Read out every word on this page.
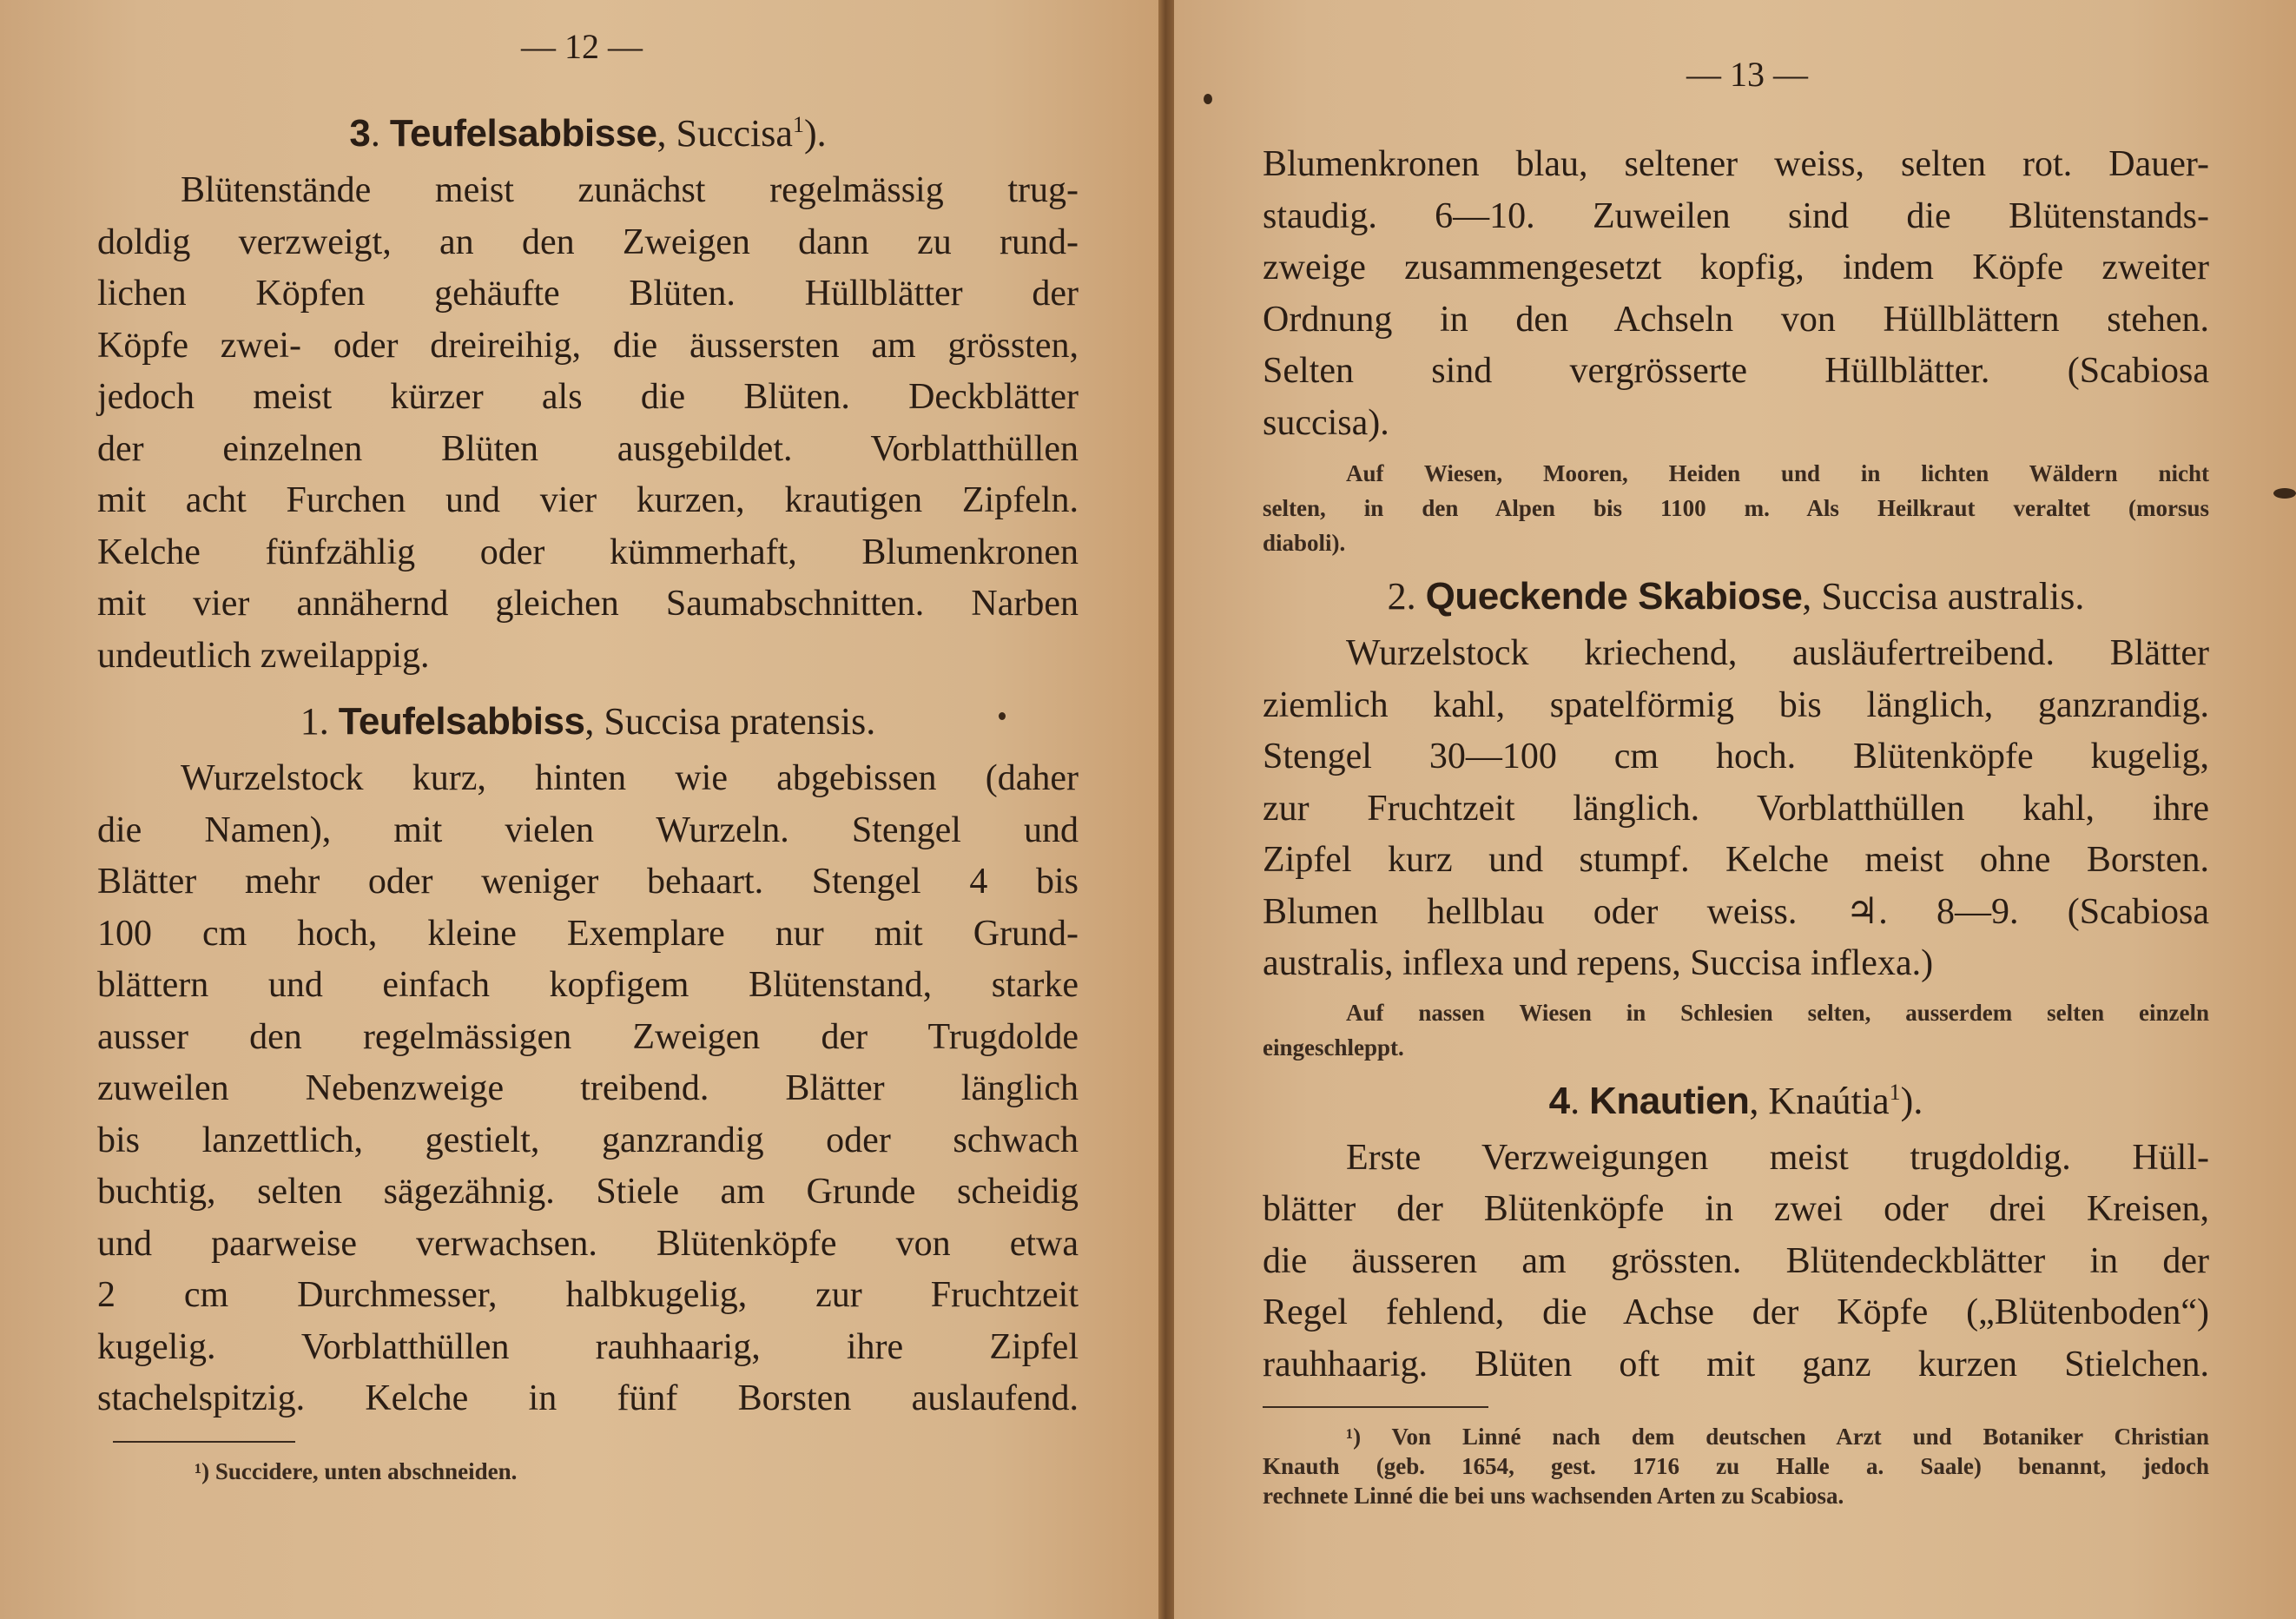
— 12 —
3. Teufelsabbisse, Succisa$^1$).
Blütenstände meist zunächst regelmässig trug-
doldig verzweigt, an den Zweigen dann zu rund-
lichen Köpfen gehäufte Blüten. Hüllblätter der
Köpfe zwei- oder dreireihig, die äussersten am grössten,
jedoch meist kürzer als die Blüten. Deckblätter
der einzelnen Blüten ausgebildet. Vorblatthüllen
mit acht Furchen und vier kurzen, krautigen Zipfeln.
Kelche fünfzählig oder kümmerhaft, Blumenkronen
mit vier annähernd gleichen Saumabschnitten. Narben
undeutlich zweilappig.
1. Teufelsabbiss, Succisa pratensis.
Wurzelstock kurz, hinten wie abgebissen (daher
die Namen), mit vielen Wurzeln. Stengel und
Blätter mehr oder weniger behaart. Stengel 4 bis
100 cm hoch, kleine Exemplare nur mit Grund-
blättern und einfach kopfigem Blütenstand, starke
ausser den regelmässigen Zweigen der Trugdolde
zuweilen Nebenzweige treibend. Blätter länglich
bis lanzettlich, gestielt, ganzrandig oder schwach
buchtig, selten sägezähnig. Stiele am Grunde scheidig
und paarweise verwachsen. Blütenköpfe von etwa
2 cm Durchmesser, halbkugelig, zur Fruchtzeit
kugelig. Vorblatthüllen rauhhaarig, ihre Zipfel
stachelspitzig. Kelche in fünf Borsten auslaufend.
¹) Succidere, unten abschneiden.
— 13 —
Blumenkronen blau, seltener weiss, selten rot. Dauer-
staudig. 6—10. Zuweilen sind die Blütenstands-
zweige zusammengesetzt kopfig, indem Köpfe zweiter
Ordnung in den Achseln von Hüllblättern stehen.
Selten sind vergrösserte Hüllblätter. (Scabiosa
succisa).
Auf Wiesen, Mooren, Heiden und in lichten Wäldern nicht
selten, in den Alpen bis 1100 m. Als Heilkraut veraltet (morsus
diaboli).
2. Queckende Skabiose, Succisa australis.
Wurzelstock kriechend, ausläufertreibend. Blätter
ziemlich kahl, spatelförmig bis länglich, ganzrandig.
Stengel 30—100 cm hoch. Blütenköpfe kugelig,
zur Fruchtzeit länglich. Vorblatthüllen kahl, ihre
Zipfel kurz und stumpf. Kelche meist ohne Borsten.
Blumen hellblau oder weiss. ♃. 8—9. (Scabiosa
australis, inflexa und repens, Succisa inflexa.)
Auf nassen Wiesen in Schlesien selten, ausserdem selten einzeln
eingeschleppt.
4. Knautien, Knaútia$^1$).
Erste Verzweigungen meist trugdoldig. Hüll-
blätter der Blütenköpfe in zwei oder drei Kreisen,
die äusseren am grössten. Blütendeckblätter in der
Regel fehlend, die Achse der Köpfe („Blütenboden“)
rauhhaarig. Blüten oft mit ganz kurzen Stielchen.
¹) Von Linné nach dem deutschen Arzt und Botaniker Christian
Knauth (geb. 1654, gest. 1716 zu Halle a. Saale) benannt, jedoch
rechnete Linné die bei uns wachsenden Arten zu Scabiosa.
